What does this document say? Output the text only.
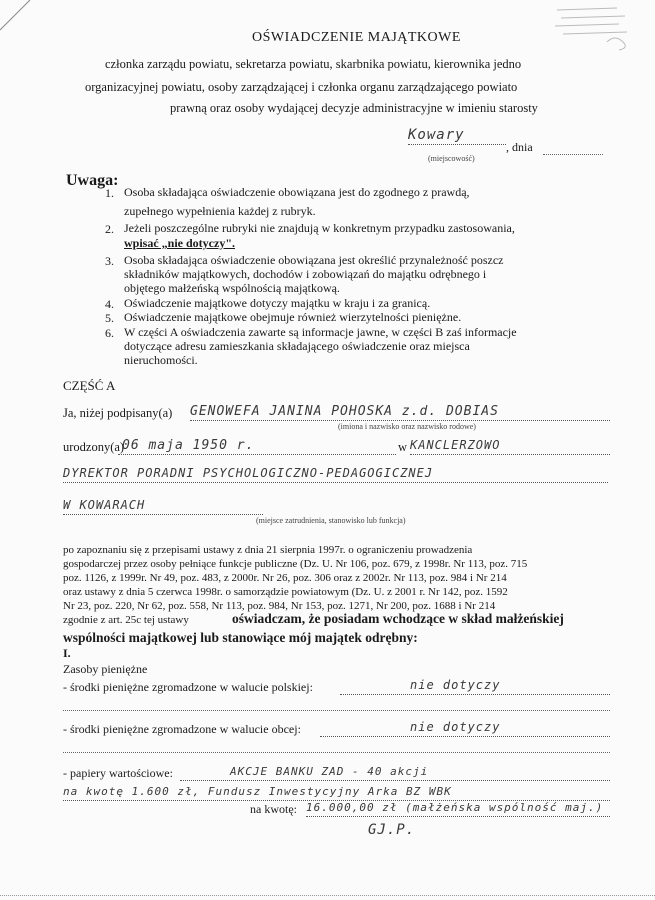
OŚWIADCZENIE MAJĄTKOWE
członka zarządu powiatu, sekretarza powiatu, skarbnika powiatu, kierownika jedno
organizacyjnej powiatu, osoby zarządzającej i członka organu zarządzającego powiato
prawną oraz osoby wydającej decyzje administracyjne w imieniu starosty
Kowary
(miejscowość)
, dnia
Uwaga:
1. Osoba składająca oświadczenie obowiązana jest do zgodnego z prawdą,
zupełnego wypełnienia każdej z rubryk.
2. Jeżeli poszczególne rubryki nie znajdują w konkretnym przypadku zastosowania,
wpisać „nie dotyczy".
3. Osoba składająca oświadczenie obowiązana jest określić przynależność poszcz
składników majątkowych, dochodów i zobowiązań do majątku odrębnego i
objętego małżeńską wspólnością majątkową.
4. Oświadczenie majątkowe dotyczy majątku w kraju i za granicą.
5. Oświadczenie majątkowe obejmuje również wierzytelności pieniężne.
6. W części A oświadczenia zawarte są informacje jawne, w części B zaś informacje
dotyczące adresu zamieszkania składającego oświadczenie oraz miejsca
nieruchomości.
CZĘŚĆ A
Ja, niżej podpisany(a) GENOWEFA JANINA POHOSKA z.d. DOBIAS
(imiona i nazwisko oraz nazwisko rodowe)
urodzony(a)
06 maja 1950 r.	w KANCLERZOWO
DYREKTOR PORADNI PSYCHOLOGICZNO-PEDAGOGICZNEJ
W KOWARACH
(miejsce zatrudnienia, stanowisko lub funkcja)
po zapoznaniu się z przepisami ustawy z dnia 21 sierpnia 1997r. o ograniczeniu prowadzenia
gospodarczej przez osoby pełniące funkcje publiczne (Dz. U. Nr 106, poz. 679, z 1998r. Nr 113, poz. 715
poz. 1126, z 1999r. Nr 49, poz. 483, z 2000r. Nr 26, poz. 306 oraz z 2002r. Nr 113, poz. 984 i Nr 214
oraz ustawy z dnia 5 czerwca 1998r. o samorządzie powiatowym (Dz. U. z 2001 r. Nr 142, poz. 1592
Nr 23, poz. 220, Nr 62, poz. 558, Nr 113, poz. 984, Nr 153, poz. 1271, Nr 200, poz. 1688 i Nr 214
zgodnie z art. 25c tej ustawy	oświadczam, że posiadam wchodzące w skład małżeńskiej
wspólności majątkowej lub stanowiące mój majątek odrębny:
I.
Zasoby pieniężne
- środki pieniężne zgromadzone w walucie polskiej:	nie dotyczy
- środki pieniężne zgromadzone w walucie obcej:	nie dotyczy
- papiery wartościowe:	AKCJE BANKU ZAD - 40 akcji
na kwotę 1.600 zł, Fundusz Inwestycyjny Arka BZ WBK
na kwotę: 16.000,00 zł (małżeńska wspólność maj.)
GJ.P.
